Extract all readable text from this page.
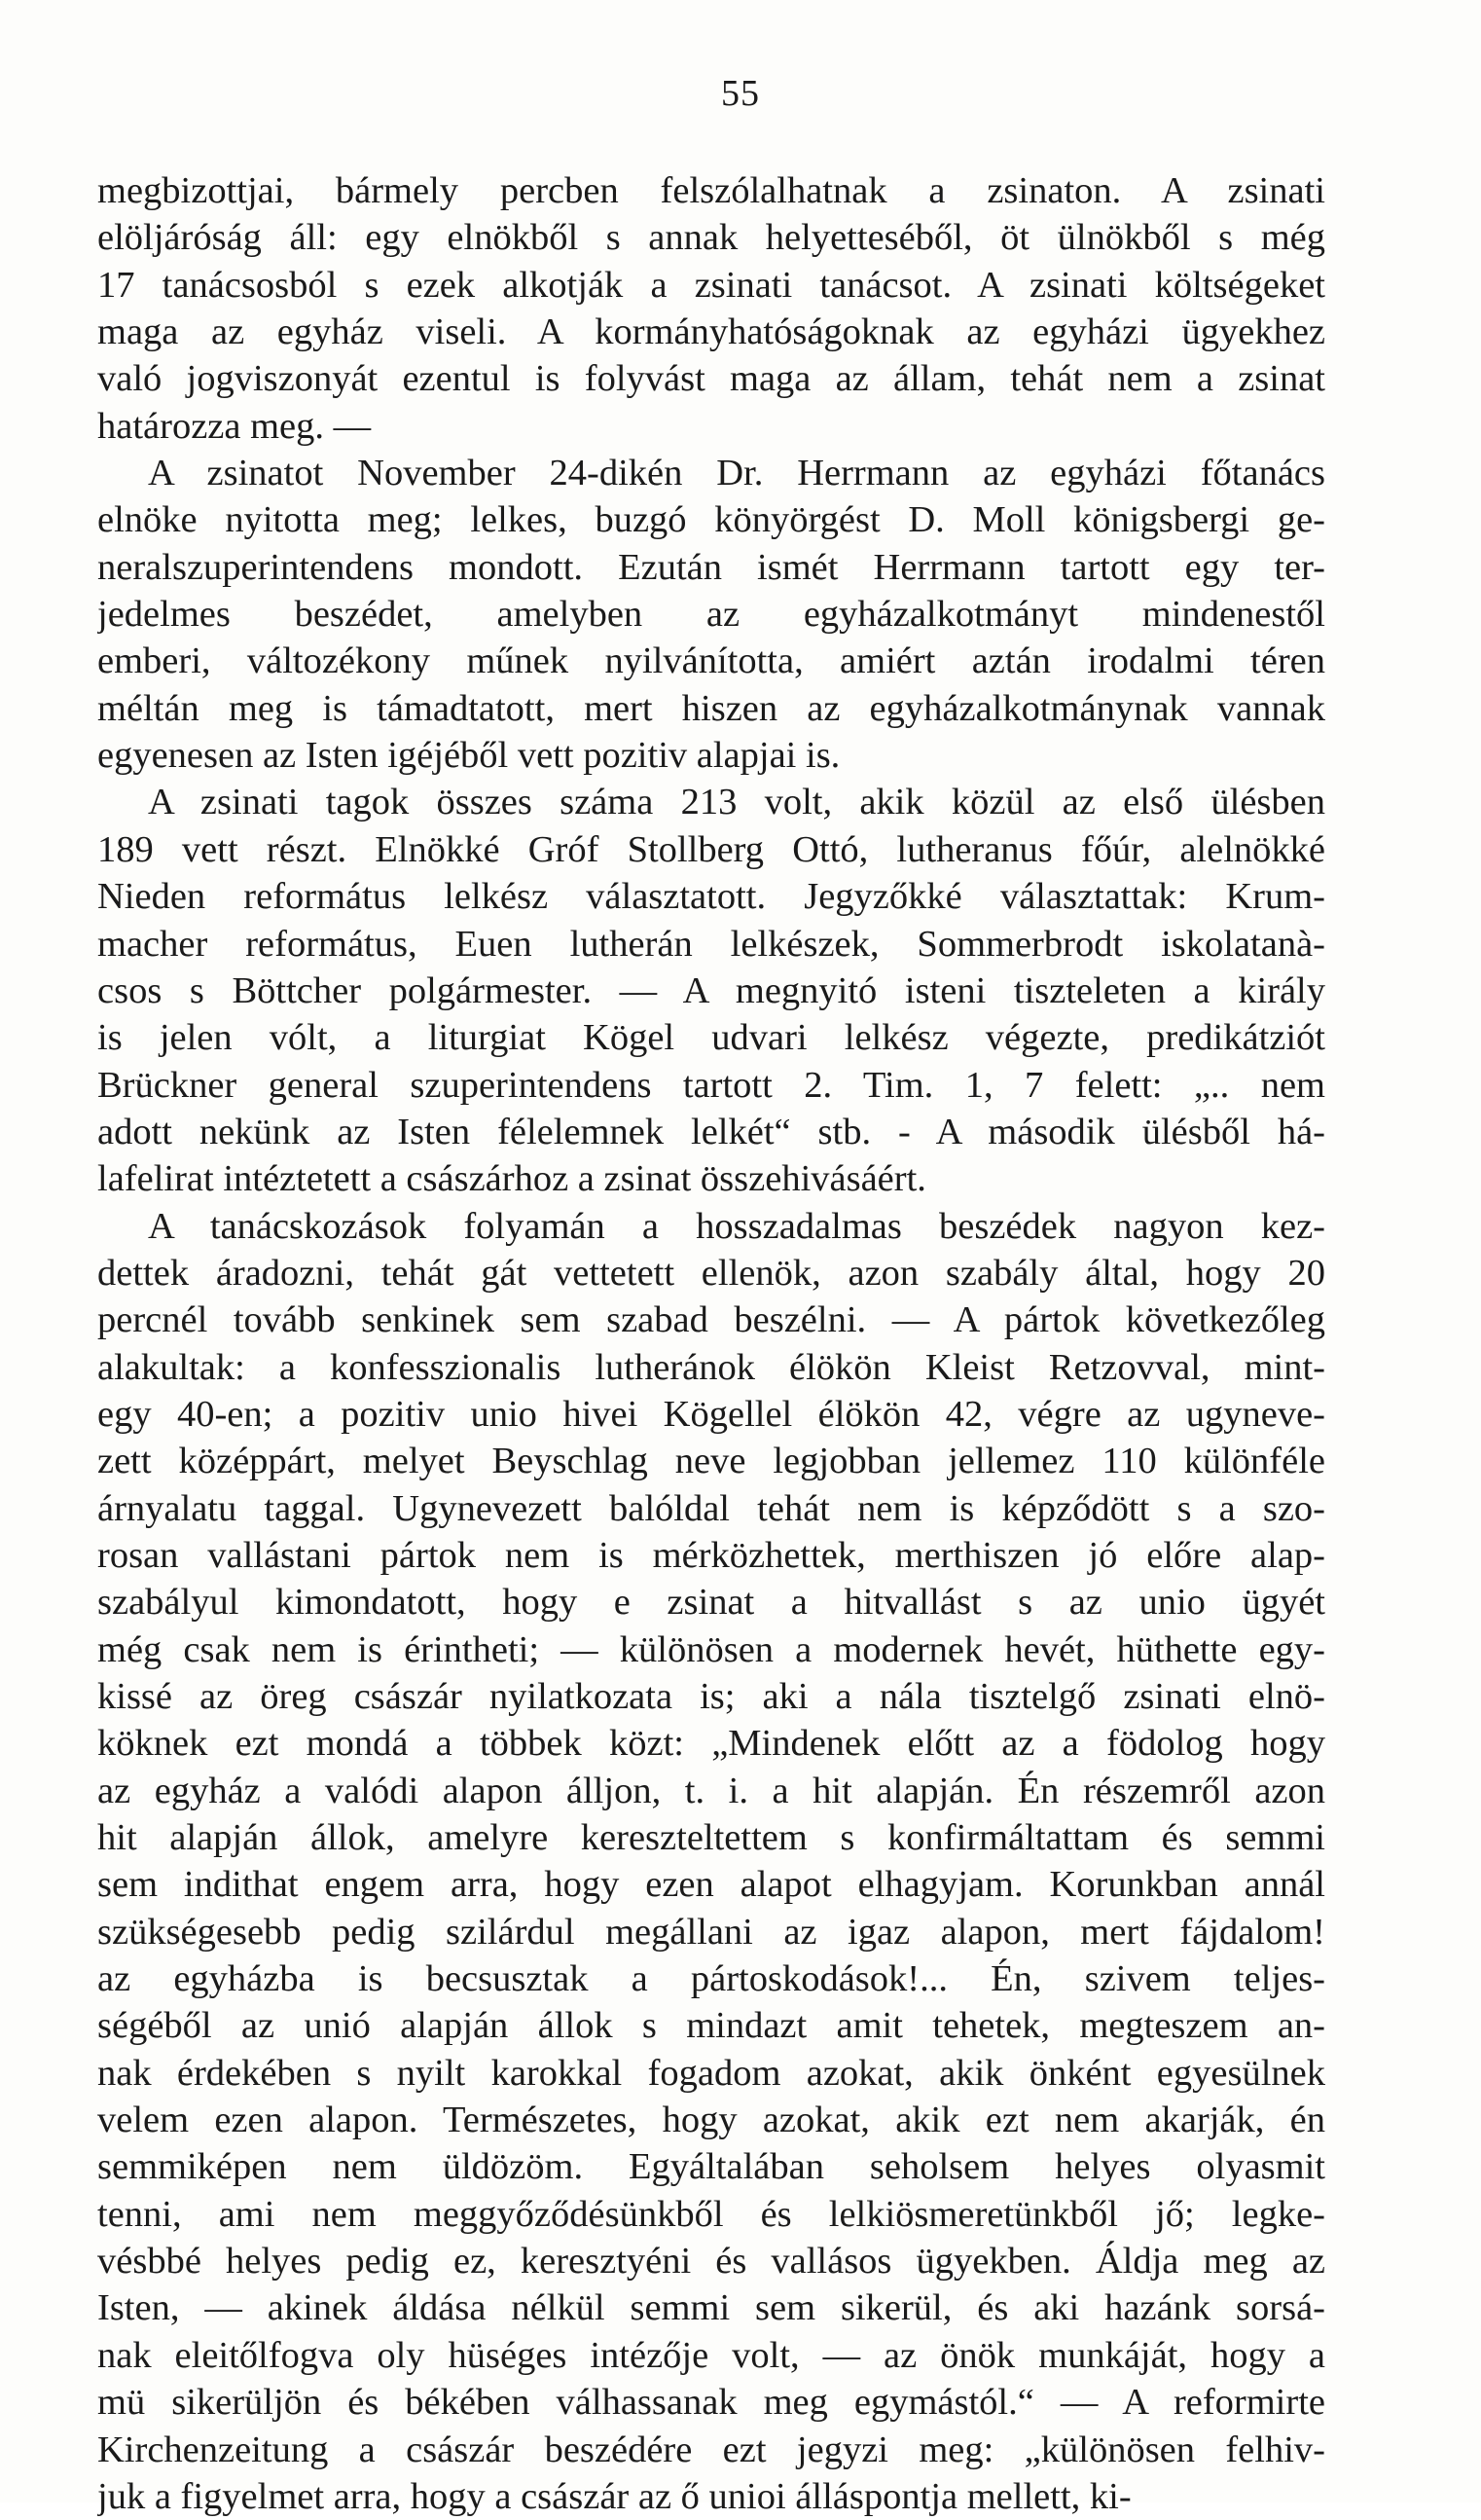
55
megbizottjai, bármely percben felszólalhatnak a zsinaton. A zsinati
elöljáróság áll: egy elnökből s annak helyetteséből, öt ülnökből s még
17 tanácsosból s ezek alkotják a zsinati tanácsot. A zsinati költségeket
maga az egyház viseli. A kormányhatóságoknak az egyházi ügyekhez
való jogviszonyát ezentul is folyvást maga az állam, tehát nem a zsinat
határozza meg. —
A zsinatot November 24-dikén Dr. Herrmann az egyházi főtanács
elnöke nyitotta meg; lelkes, buzgó könyörgést D. Moll königsbergi ge-
neralszuperintendens mondott. Ezután ismét Herrmann tartott egy ter-
jedelmes beszédet, amelyben az egyházalkotmányt mindenestől
emberi, változékony műnek nyilvánította, amiért aztán irodalmi téren
méltán meg is támadtatott, mert hiszen az egyházalkotmánynak vannak
egyenesen az Isten igéjéből vett pozitiv alapjai is.
A zsinati tagok összes száma 213 volt, akik közül az első ülésben
189 vett részt. Elnökké Gróf Stollberg Ottó, lutheranus főúr, alelnökké
Nieden református lelkész választatott. Jegyzőkké választattak: Krum-
macher református, Euen lutherán lelkészek, Sommerbrodt iskolatanà-
csos s Böttcher polgármester. — A megnyitó isteni tiszteleten a király
is jelen vólt, a liturgiat Kögel udvari lelkész végezte, predikátziót
Brückner general szuperintendens tartott 2. Tim. 1, 7 felett: „.. nem
adott nekünk az Isten félelemnek lelkét“ stb. - A második ülésből há-
lafelirat intéztetett a császárhoz a zsinat összehivásáért.
A tanácskozások folyamán a hosszadalmas beszédek nagyon kez-
dettek áradozni, tehát gát vettetett ellenök, azon szabály által, hogy 20
percnél tovább senkinek sem szabad beszélni. — A pártok következőleg
alakultak: a konfesszionalis lutheránok élökön Kleist Retzovval, mint-
egy 40-en; a pozitiv unio hivei Kögellel élökön 42, végre az ugyneve-
zett középpárt, melyet Beyschlag neve legjobban jellemez 110 különféle
árnyalatu taggal. Ugynevezett balóldal tehát nem is képződött s a szo-
rosan vallástani pártok nem is mérközhettek, merthiszen jó előre alap-
szabályul kimondatott, hogy e zsinat a hitvallást s az unio ügyét
még csak nem is érintheti; — különösen a modernek hevét, hüthette egy-
kissé az öreg császár nyilatkozata is; aki a nála tisztelgő zsinati elnö-
köknek ezt mondá a többek közt: „Mindenek előtt az a födolog hogy
az egyház a valódi alapon álljon, t. i. a hit alapján. Én részemről azon
hit alapján állok, amelyre kereszteltettem s konfirmáltattam és semmi
sem indithat engem arra, hogy ezen alapot elhagyjam. Korunkban annál
szükségesebb pedig szilárdul megállani az igaz alapon, mert fájdalom!
az egyházba is becsusztak a pártoskodások!... Én, szivem teljes-
ségéből az unió alapján állok s mindazt amit tehetek, megteszem an-
nak érdekében s nyilt karokkal fogadom azokat, akik önként egyesülnek
velem ezen alapon. Természetes, hogy azokat, akik ezt nem akarják, én
semmiképen nem üldözöm. Egyáltalában seholsem helyes olyasmit
tenni, ami nem meggyőződésünkből és lelkiösmeretünkből jő; legke-
vésbbé helyes pedig ez, keresztyéni és vallásos ügyekben. Áldja meg az
Isten, — akinek áldása nélkül semmi sem sikerül, és aki hazánk sorsá-
nak eleitőlfogva oly hüséges intézője volt, — az önök munkáját, hogy a
mü sikerüljön és békében válhassanak meg egymástól.“ — A reformirte
Kirchenzeitung a császár beszédére ezt jegyzi meg: „különösen felhiv-
juk a figyelmet arra, hogy a császár az ő unioi álláspontja mellett, ki-
